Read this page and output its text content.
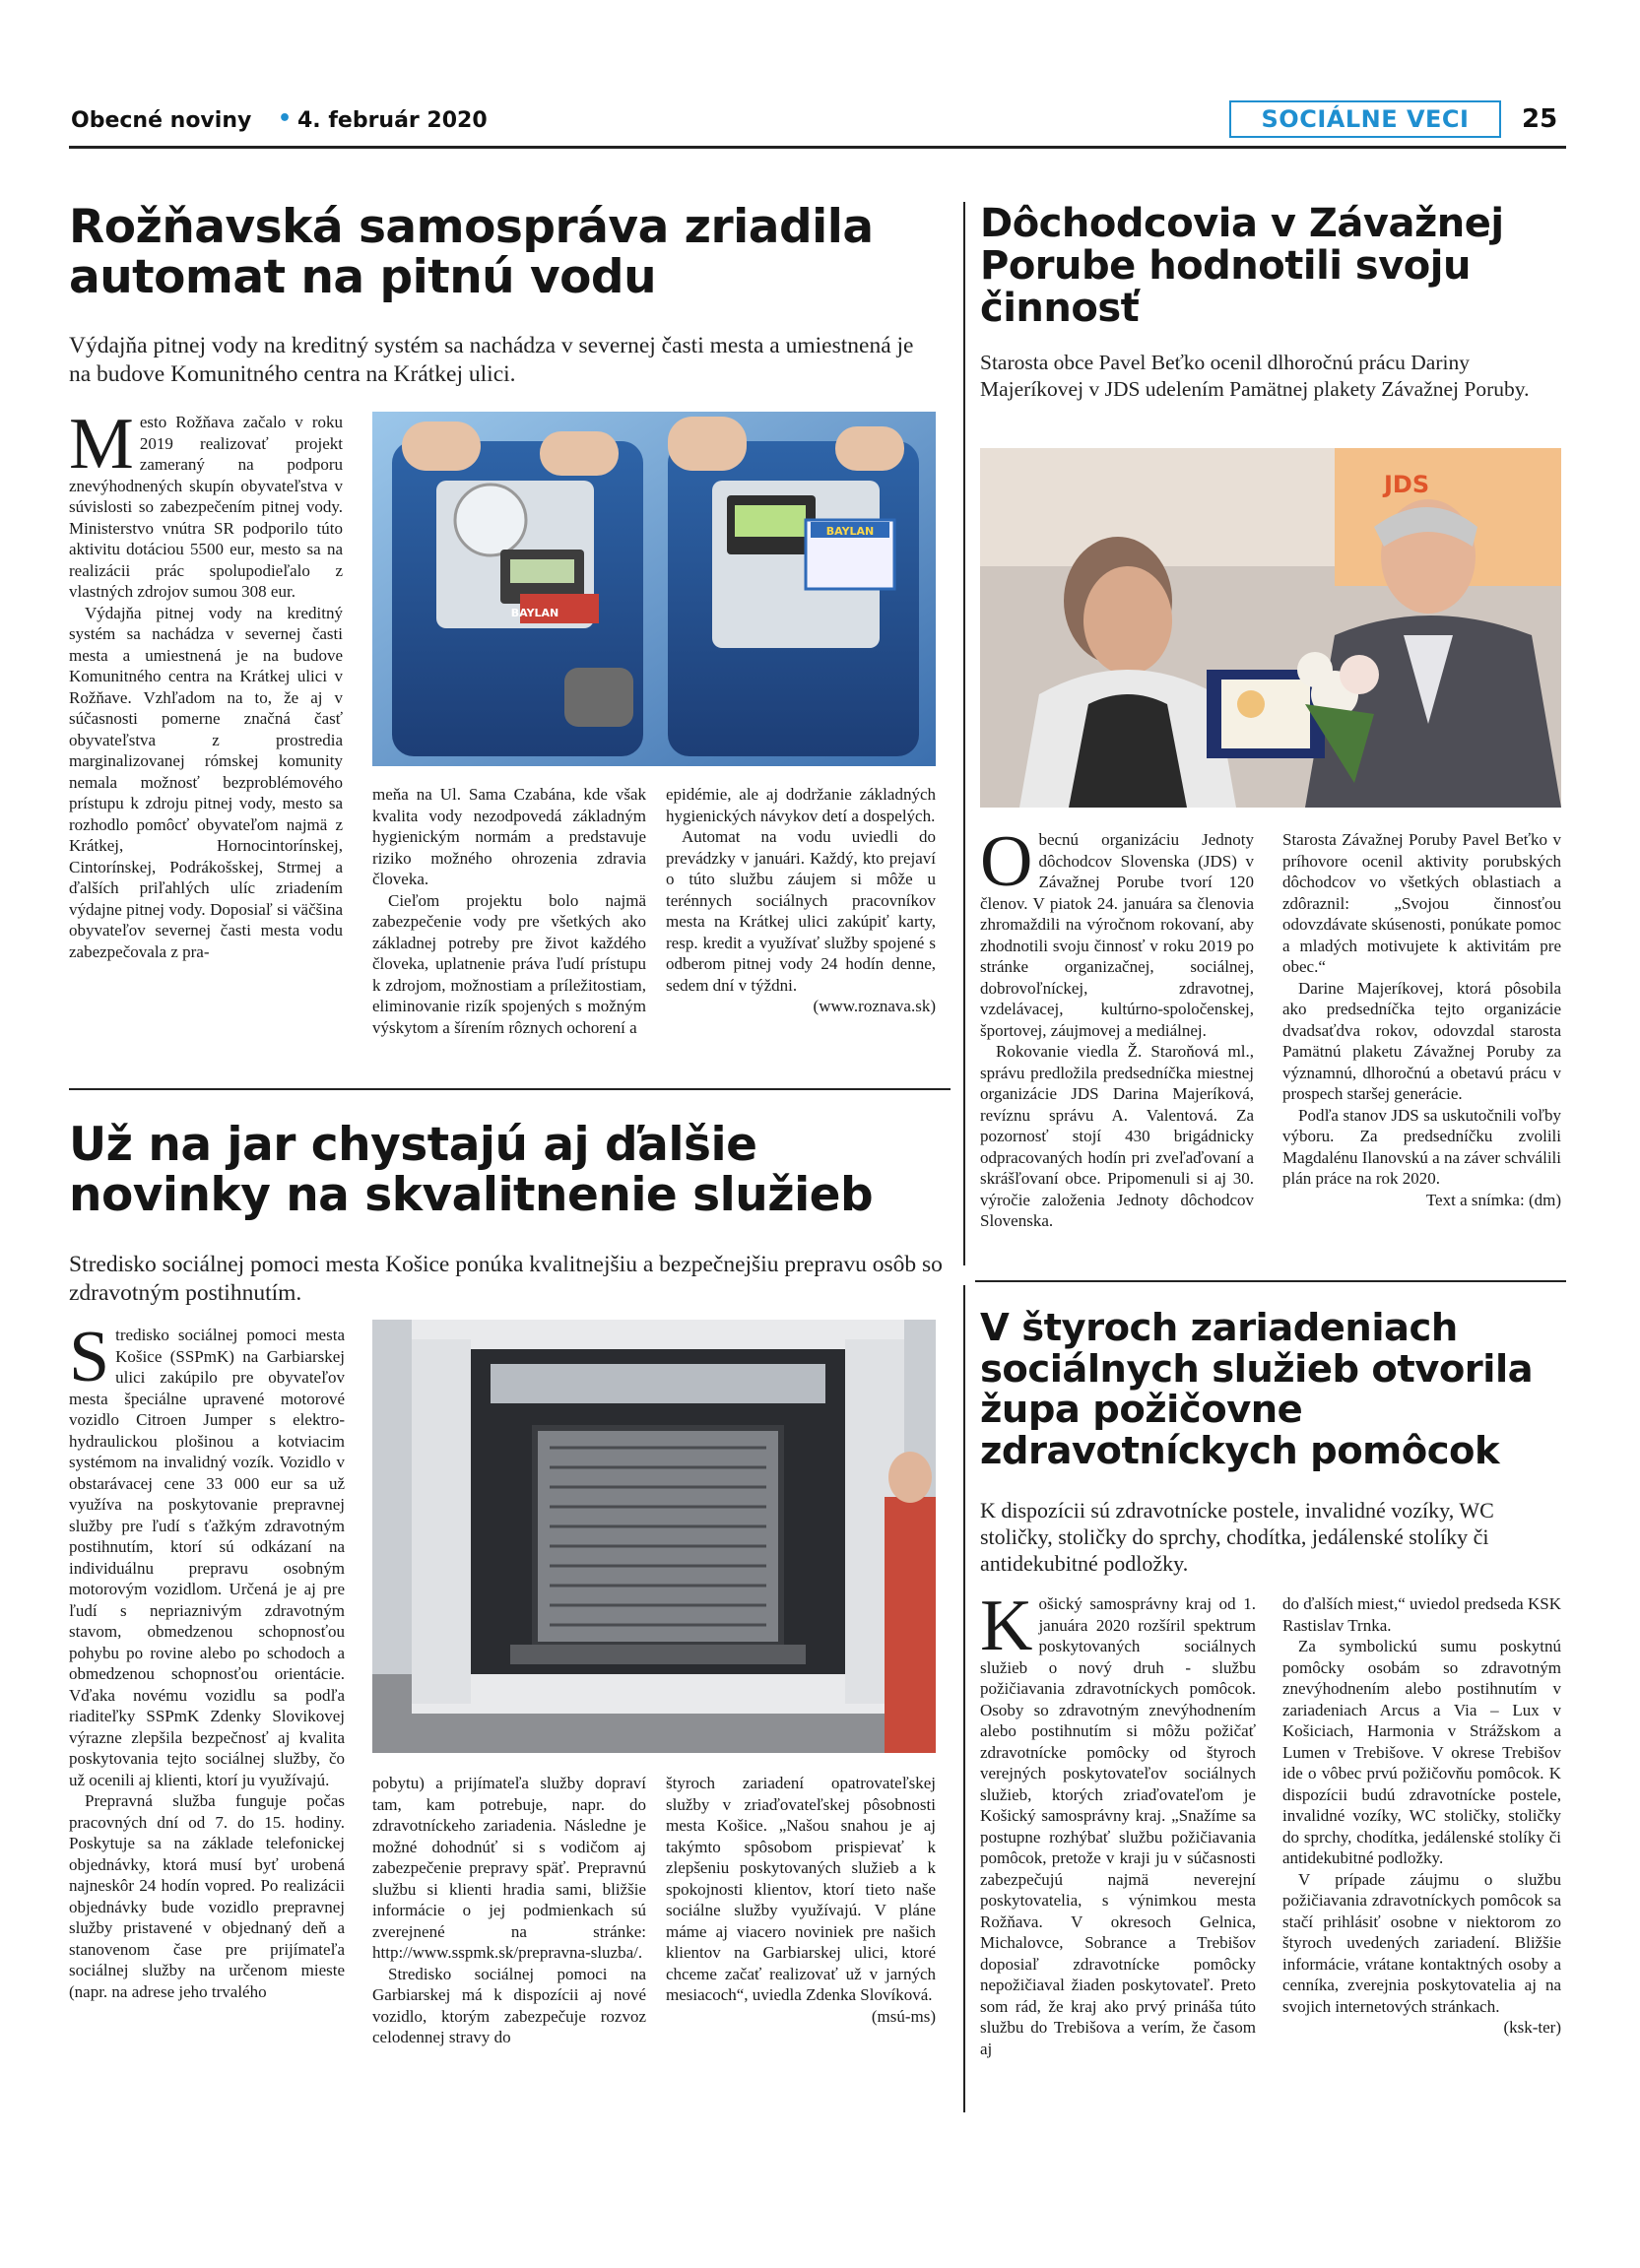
Obecné noviny • 4. február 2020	SOCIÁLNE VECI	25
Rožňavská samospráva zriadila automat na pitnú vodu
Výdajňa pitnej vody na kreditný systém sa nachádza v severnej časti mesta a umiestnená je na budove Komunitného centra na Krátkej ulici.

Mesto Rožňava začalo v roku 2019 realizovať projekt zameraný na podporu znevýhodnených skupín obyvateľstva v súvislosti so zabezpečením pitnej vody. Ministerstvo vnútra SR podporilo túto aktivitu dotáciou 5500 eur, mesto sa na realizácii prác spolupodieľalo z vlastných zdrojov sumou 308 eur.

Výdajňa pitnej vody na kreditný systém sa nachádza v severnej časti mesta a umiestnená je na budove Komunitného centra na Krátkej ulici v Rožňave. Vzhľadom na to, že aj v súčasnosti pomerne značná časť obyvateľstva z prostredia marginalizovanej rómskej komunity nemala možnosť bezproblémového prístupu k zdroju pitnej vody, mesto sa rozhodlo pomôcť obyvateľom najmä z Krátkej, Hornocintorínskej, Cintorínskej, Podrákošskej, Strmej a ďalších priľahlých ulíc zriadením výdajne pitnej vody. Doposiaľ si väčšina obyvateľov severnej časti mesta vodu zabezpečovala z pra-

BAYLAN
BAYLAN

meňa na Ul. Sama Czabána, kde však kvalita vody nezodpovedá základným hygienickým normám a predstavuje riziko možného ohrozenia zdravia človeka.

Cieľom projektu bolo najmä zabezpečenie vody pre všetkých ako základnej potreby pre život každého človeka, uplatnenie práva ľudí prístupu k zdrojom, možnostiam a príležitostiam, eliminovanie rizík spojených s možným výskytom a šírením rôznych ochorení a

epidémie, ale aj dodržanie základných hygienických návykov detí a dospelých.

Automat na vodu uviedli do prevádzky v januári. Každý, kto prejaví o túto službu záujem si môže u terénnych sociálnych pracovníkov mesta na Krátkej ulici zakúpiť karty, resp. kredit a využívať služby spojené s odberom pitnej vody 24 hodín denne, sedem dní v týždni.

(www.roznava.sk)

Dôchodcovia v Závažnej Porube hodnotili svoju činnosť
Starosta obce Pavel Beťko ocenil dlhoročnú prácu Dariny Majeríkovej v JDS udelením Pamätnej plakety Závažnej Poruby.
JDS

Obecnú organizáciu Jednoty dôchodcov Slovenska (JDS) v Závažnej Porube tvorí 120 členov. V piatok 24. januára sa členovia zhromaždili na výročnom rokovaní, aby zhodnotili svoju činnosť v roku 2019 po stránke organizačnej, sociálnej, dobrovoľníckej, zdravotnej, vzdelávacej, kultúrno-spoločenskej, športovej, záujmovej a mediálnej.

Rokovanie viedla Ž. Staroňová ml., správu predložila predsedníčka miestnej organizácie JDS Darina Majeríková, revíznu správu A. Valentová. Za pozornosť stojí 430 brigádnicky odpracovaných hodín pri zveľaďovaní a skrášľovaní obce. Pripomenuli si aj 30. výročie založenia Jednoty dôchodcov Slovenska.

Starosta Závažnej Poruby Pavel Beťko v príhovore ocenil aktivity porubských dôchodcov vo všetkých oblastiach a zdôraznil: „Svojou činnosťou odovzdávate skúsenosti, ponúkate pomoc a mladých motivujete k aktivitám pre obec.“

Darine Majeríkovej, ktorá pôsobila ako predsedníčka tejto organizácie dvadsaťdva rokov, odovzdal starosta Pamätnú plaketu Závažnej Poruby za významnú, dlhoročnú a obetavú prácu v prospech staršej generácie.

Podľa stanov JDS sa uskutočnili voľby výboru. Za predsedníčku zvolili Magdalénu Ilanovskú a na záver schválili plán práce na rok 2020.

Text a snímka: (dm)

Už na jar chystajú aj ďalšie novinky na skvalitnenie služieb
Stredisko sociálnej pomoci mesta Košice ponúka kvalitnejšiu a bezpečnejšiu prepravu osôb so zdravotným postihnutím.

Stredisko sociálnej pomoci mesta Košice (SSPmK) na Garbiarskej ulici zakúpilo pre obyvateľov mesta špeciálne upravené motorové vozidlo Citroen Jumper s elektro-hydraulickou plošinou a kotviacim systémom na invalidný vozík. Vozidlo v obstarávacej cene 33 000 eur sa už využíva na poskytovanie prepravnej služby pre ľudí s ťažkým zdravotným postihnutím, ktorí sú odkázaní na individuálnu prepravu osobným motorovým vozidlom. Určená je aj pre ľudí s nepriaznivým zdravotným stavom, obmedzenou schopnosťou pohybu po rovine alebo po schodoch a obmedzenou schopnosťou orientácie. Vďaka novému vozidlu sa podľa riaditeľky SSPmK Zdenky Slovikovej výrazne zlepšila bezpečnosť aj kvalita poskytovania tejto sociálnej služby, čo už ocenili aj klienti, ktorí ju využívajú.

Prepravná služba funguje počas pracovných dní od 7. do 15. hodiny. Poskytuje sa na základe telefonickej objednávky, ktorá musí byť urobená najneskôr 24 hodín vopred. Po realizácii objednávky bude vozidlo prepravnej služby pristavené v objednaný deň a stanovenom čase pre prijímateľa sociálnej služby na určenom mieste (napr. na adrese jeho trvalého

pobytu) a prijímateľa služby dopraví tam, kam potrebuje, napr. do zdravotníckeho zariadenia. Následne je možné dohodnúť si s vodičom aj zabezpečenie prepravy späť. Prepravnú službu si klienti hradia sami, bližšie informácie o jej podmienkach sú zverejnené na stránke: http://www.sspmk.sk/prepravna-sluzba/.

Stredisko sociálnej pomoci na Garbiarskej má k dispozícii aj nové vozidlo, ktorým zabezpečuje rozvoz celodennej stravy do

štyroch zariadení opatrovateľskej služby v zriaďovateľskej pôsobnosti mesta Košice. „Našou snahou je aj takýmto spôsobom prispievať k zlepšeniu poskytovaných služieb a k spokojnosti klientov, ktorí tieto naše sociálne služby využívajú. V pláne máme aj viacero noviniek pre našich klientov na Garbiarskej ulici, ktoré chceme začať realizovať už v jarných mesiacoch“, uviedla Zdenka Slovíková.

(msú-ms)

V štyroch zariadeniach sociálnych služieb otvorila župa požičovne zdravotníckych pomôcok
K dispozícii sú zdravotnícke postele, invalidné vozíky, WC stoličky, stoličky do sprchy, chodítka, jedálenské stolíky či antidekubitné podložky.

Košický samosprávny kraj od 1. januára 2020 rozšíril spektrum poskytovaných sociálnych služieb o nový druh - službu požičiavania zdravotníckych pomôcok. Osoby so zdravotným znevýhodnením alebo postihnutím si môžu požičať zdravotnícke pomôcky od štyroch verejných poskytovateľov sociálnych služieb, ktorých zriaďovateľom je Košický samosprávny kraj. „Snažíme sa postupne rozhýbať službu požičiavania pomôcok, pretože v kraji ju v súčasnosti zabezpečujú najmä neverejní poskytovatelia, s výnimkou mesta Rožňava. V okresoch Gelnica, Michalovce, Sobrance a Trebišov doposiaľ zdravotnícke pomôcky nepožičiaval žiaden poskytovateľ. Preto som rád, že kraj ako prvý prináša túto službu do Trebišova a verím, že časom aj

do ďalších miest,“ uviedol predseda KSK Rastislav Trnka.

Za symbolickú sumu poskytnú pomôcky osobám so zdravotným znevýhodnením alebo postihnutím v zariadeniach Arcus a Via – Lux v Košiciach, Harmonia v Strážskom a Lumen v Trebišove. V okrese Trebišov ide o vôbec prvú požičovňu pomôcok. K dispozícii budú zdravotnícke postele, invalidné vozíky, WC stoličky, stoličky do sprchy, chodítka, jedálenské stolíky či antidekubitné podložky.

V prípade záujmu o službu požičiavania zdravotníckych pomôcok sa stačí prihlásiť osobne v niektorom zo štyroch uvedených zariadení. Bližšie informácie, vrátane kontaktných osoby a cenníka, zverejnia poskytovatelia aj na svojich internetových stránkach.

(ksk-ter)
